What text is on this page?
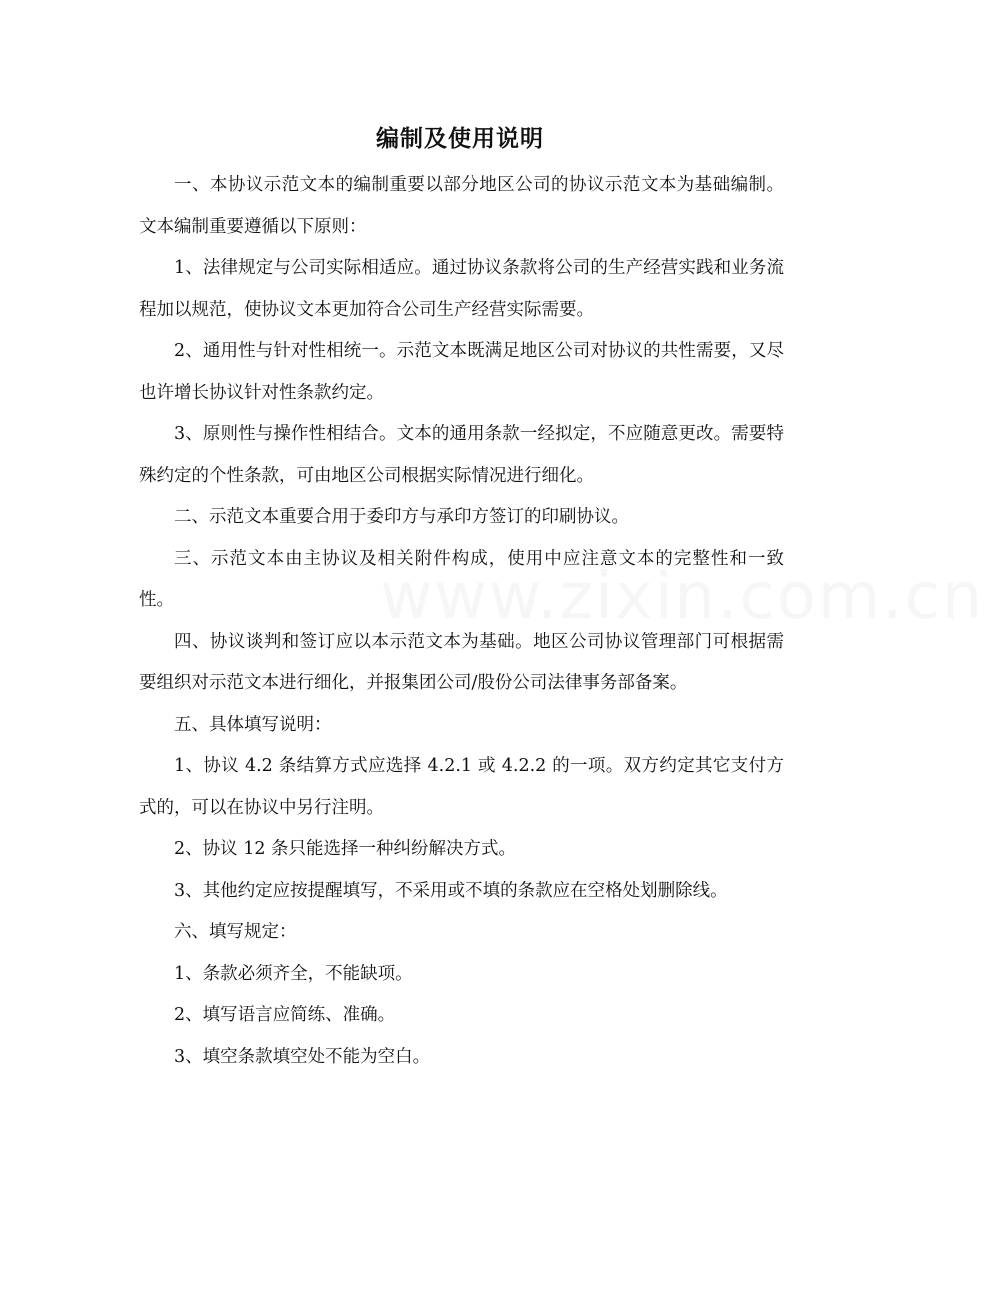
编制及使用说明
www.zixin.com.cn

一、本协议示范文本的编制重要以部分地区公司的协议示范文本为基础编制。文本编制重要遵循以下原则：

1、法律规定与公司实际相适应。通过协议条款将公司的生产经营实践和业务流程加以规范，使协议文本更加符合公司生产经营实际需要。

2、通用性与针对性相统一。示范文本既满足地区公司对协议的共性需要，又尽也许增长协议针对性条款约定。

3、原则性与操作性相结合。文本的通用条款一经拟定，不应随意更改。需要特殊约定的个性条款，可由地区公司根据实际情况进行细化。

二、示范文本重要合用于委印方与承印方签订的印刷协议。

三、示范文本由主协议及相关附件构成，使用中应注意文本的完整性和一致性。

四、协议谈判和签订应以本示范文本为基础。地区公司协议管理部门可根据需要组织对示范文本进行细化，并报集团公司/股份公司法律事务部备案。

五、具体填写说明：

1、协议 4.2 条结算方式应选择 4.2.1 或 4.2.2 的一项。双方约定其它支付方式的，可以在协议中另行注明。

2、协议 12 条只能选择一种纠纷解决方式。

3、其他约定应按提醒填写，不采用或不填的条款应在空格处划删除线。

六、填写规定：

1、条款必须齐全，不能缺项。

2、填写语言应简练、准确。

3、填空条款填空处不能为空白。
